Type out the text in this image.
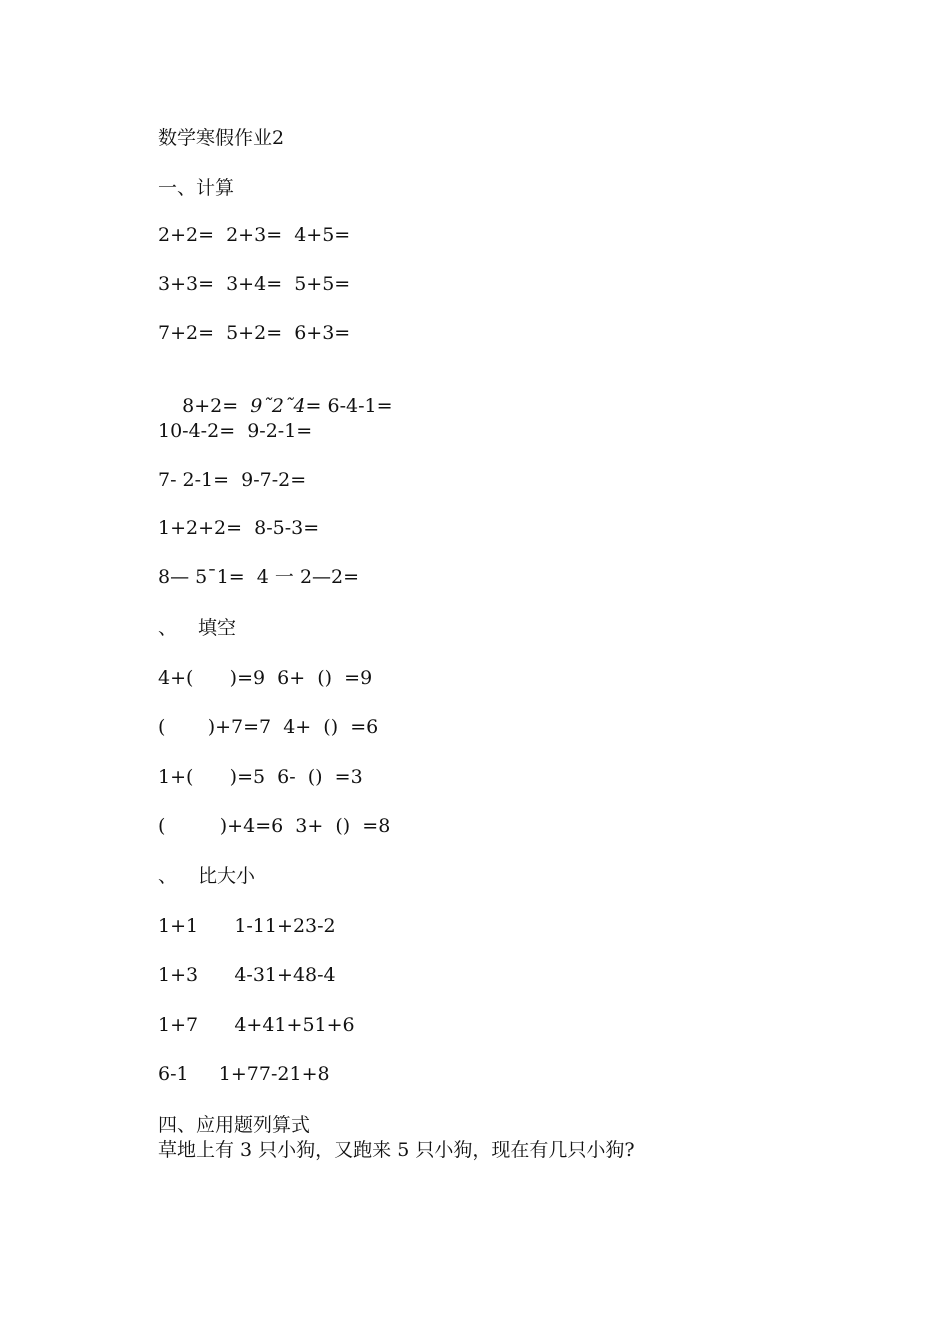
数学寒假作业2
一、计算
2+2=  2+3=  4+5=
3+3=  3+4=  5+5=
7+2=  5+2=  6+3=

8+2=  9˜2˜4= 6-4-1=

10-4-2=  9-2-1=
7- 2-1=  9-7-2=
1+2+2=  8-5-3=
8— 5¯1=  4 一 2—2=
、 填空
4+(      )=9  6+  ()  =9
(       )+7=7  4+  ()  =6
1+(      )=5  6-  ()  =3
(         )+4=6  3+  ()  =8
、 比大小
1+1      1-11+23-2
1+3      4-31+48-4
1+7      4+41+51+6
6-1     1+77-21+8
四、应用题列算式
草地上有 3 只小狗，又跑来 5 只小狗，现在有几只小狗?
